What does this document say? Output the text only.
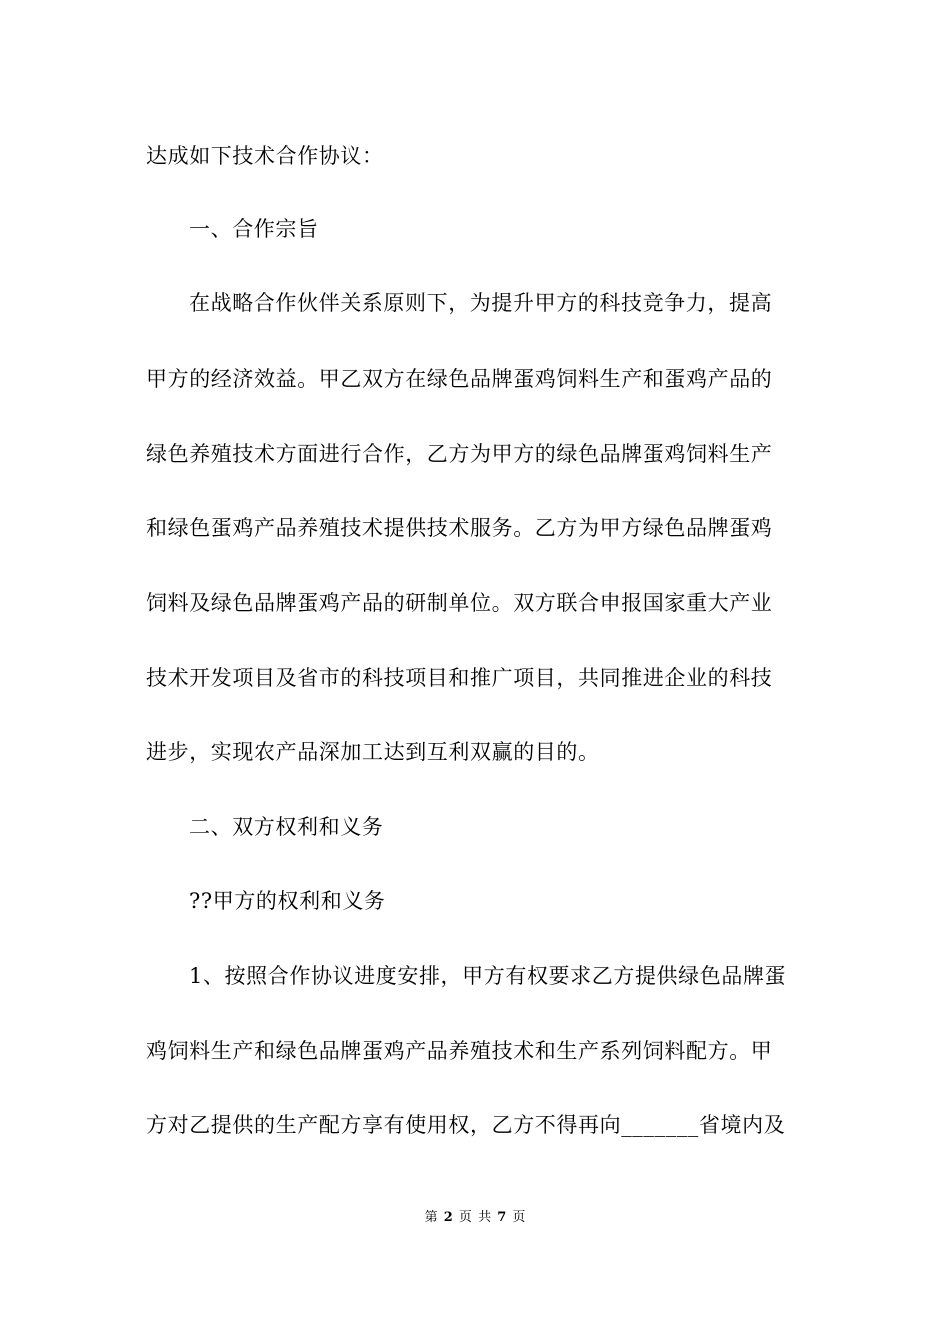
达成如下技术合作协议：
一、合作宗旨
在战略合作伙伴关系原则下，为提升甲方的科技竞争力，提高
甲方的经济效益。甲乙双方在绿色品牌蛋鸡饲料生产和蛋鸡产品的
绿色养殖技术方面进行合作，乙方为甲方的绿色品牌蛋鸡饲料生产
和绿色蛋鸡产品养殖技术提供技术服务。乙方为甲方绿色品牌蛋鸡
饲料及绿色品牌蛋鸡产品的研制单位。双方联合申报国家重大产业
技术开发项目及省市的科技项目和推广项目，共同推进企业的科技
进步，实现农产品深加工达到互利双赢的目的。
二、双方权利和义务
??甲方的权利和义务
1、按照合作协议进度安排，甲方有权要求乙方提供绿色品牌蛋
鸡饲料生产和绿色品牌蛋鸡产品养殖技术和生产系列饲料配方。甲
方对乙提供的生产配方享有使用权，乙方不得再向_______省境内及
第 2 页 共 7 页
